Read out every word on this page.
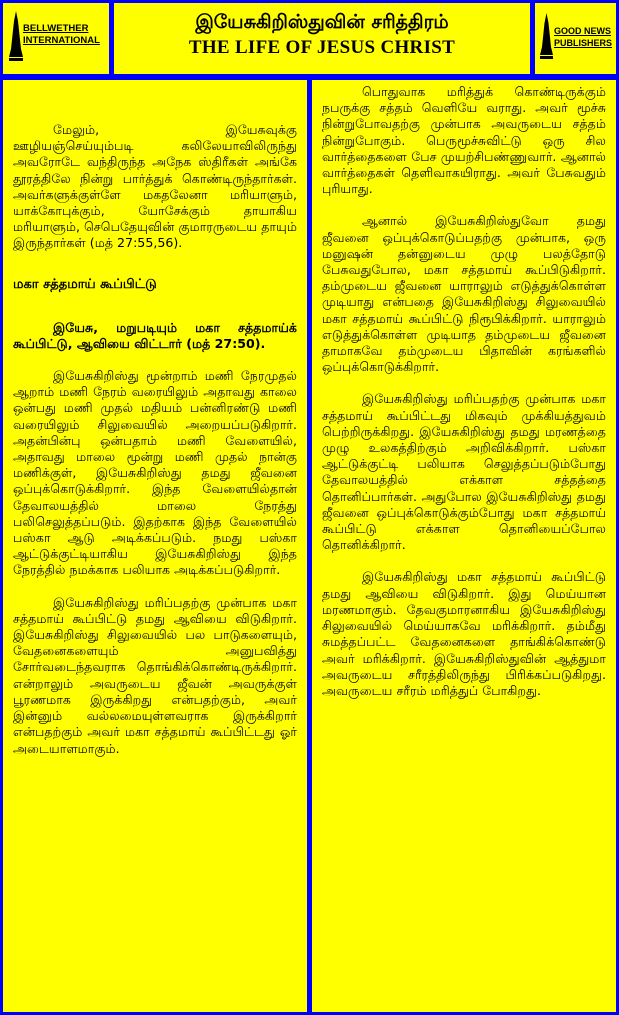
BELLWETHER
INTERNATIONAL
இயேசுகிறிஸ்துவின் சரித்திரம்
THE LIFE OF JESUS CHRIST
GOOD NEWS
PUBLISHERS

மேலும், இயேசுவுக்கு ஊழியஞ்செய்யும்படி கலிலேயாவிலிருந்து அவரோடே வந்திருந்த அநேக ஸ்திரீகள் அங்கே தூரத்திலே நின்று பார்த்துக் கொண்டிருந்தார்கள். அவர்களுக்குள்ளே மகதலேனா மரியாளும், யாக்கோபுக்கும், யோசேக்கும் தாயாகிய மரியாளும், செபெதேயுவின் குமாரருடைய தாயும் இருந்தார்கள் (மத் 27:55,56).

மகா சத்தமாய் கூப்பிட்டு

இயேசு, மறுபடியும் மகா சத்தமாய்க் கூப்பிட்டு, ஆவியை விட்டார் (மத் 27:50).

இயேசுகிறிஸ்து மூன்றாம் மணி நேரமுதல் ஆறாம் மணி நேரம் வரையிலும் அதாவது காலை ஒன்பது மணி முதல் மதியம் பன்னிரண்டு மணி வரையிலும் சிலுவையில் அறையப்படுகிறார். அதன்பின்பு ஒன்பதாம் மணி வேளையில், அதாவது மாலை மூன்று மணி முதல் நான்கு மணிக்குள், இயேசுகிறிஸ்து தமது ஜீவனை ஒப்புக்கொடுக்கிறார். இந்த வேளையில்தான் தேவாலயத்தில் மாலை நேரத்து பலிசெலுத்தப்படும். இதற்காக இந்த வேளையில் பஸ்கா ஆடு அடிக்கப்படும். நமது பஸ்கா ஆட்டுக்குட்டியாகிய இயேசுகிறிஸ்து இந்த நேரத்தில் நமக்காக பலியாக அடிக்கப்படுகிறார்.

இயேசுகிறிஸ்து மரிப்பதற்கு முன்பாக மகா சத்தமாய் கூப்பிட்டு தமது ஆவியை விடுகிறார். இயேசுகிறிஸ்து சிலுவையில் பல பாடுகளையும், வேதனைகளையும் அனுபவித்து சோர்வடைந்தவராக தொங்கிக்கொண்டிருக்கிறார். என்றாலும் அவருடைய ஜீவன் அவருக்குள் பூரணமாக இருக்கிறது என்பதற்கும், அவர் இன்னும் வல்லமையுள்ளவராக இருக்கிறார் என்பதற்கும் அவர் மகா சத்தமாய் கூப்பிட்டது ஓர் அடையாளமாகும்.

பொதுவாக மரித்துக் கொண்டிருக்கும் நபருக்கு சத்தம் வெளியே வராது. அவர் மூச்சு நின்றுபோவதற்கு முன்பாக அவருடைய சத்தம் நின்றுபோகும். பெருமூச்சுவிட்டு ஒரு சில வார்த்தைகளை பேச முயற்சிபண்ணுவார். ஆனால் வார்த்தைகள் தெளிவாகயிராது. அவர் பேசுவதும் புரியாது.

ஆனால் இயேசுகிறிஸ்துவோ தமது ஜீவனை ஒப்புக்கொடுப்பதற்கு முன்பாக, ஒரு மனுஷன் தன்னுடைய முழு பலத்தோடு பேசுவதுபோல, மகா சத்தமாய் கூப்பிடுகிறார். தம்முடைய ஜீவனை யாராலும் எடுத்துக்கொள்ள முடியாது என்பதை இயேசுகிறிஸ்து சிலுவையில் மகா சத்தமாய் கூப்பிட்டு நிரூபிக்கிறார். யாராலும் எடுத்துக்கொள்ள முடியாத தம்முடைய ஜீவனை தாமாகவே தம்முடைய பிதாவின் கரங்களில் ஒப்புக்கொடுக்கிறார்.

இயேசுகிறிஸ்து மரிப்பதற்கு முன்பாக மகா சத்தமாய் கூப்பிட்டது மிகவும் முக்கியத்துவம் பெற்றிருக்கிறது. இயேசுகிறிஸ்து தமது மரணத்தை முழு உலகத்திற்கும் அறிவிக்கிறார். பஸ்கா ஆட்டுக்குட்டி பலியாக செலுத்தப்படும்போது தேவாலயத்தில் எக்காள சத்தத்தை தொனிப்பார்கள். அதுபோல இயேசுகிறிஸ்து தமது ஜீவனை ஒப்புக்கொடுக்கும்போது மகா சத்தமாய் கூப்பிட்டு எக்காள தொனியைப்போல தொனிக்கிறார்.

இயேசுகிறிஸ்து மகா சத்தமாய் கூப்பிட்டு தமது ஆவியை விடுகிறார். இது மெய்யான மரணமாகும். தேவகுமாரனாகிய இயேசுகிறிஸ்து சிலுவையில் மெய்யாகவே மரிக்கிறார். தம்மீது சுமத்தப்பட்ட வேதனைகளை தாங்கிக்கொண்டு அவர் மரிக்கிறார். இயேசுகிறிஸ்துவின் ஆத்துமா அவருடைய சரீரத்திலிருந்து பிரிக்கப்படுகிறது. அவருடைய சரீரம் மரித்துப் போகிறது.
